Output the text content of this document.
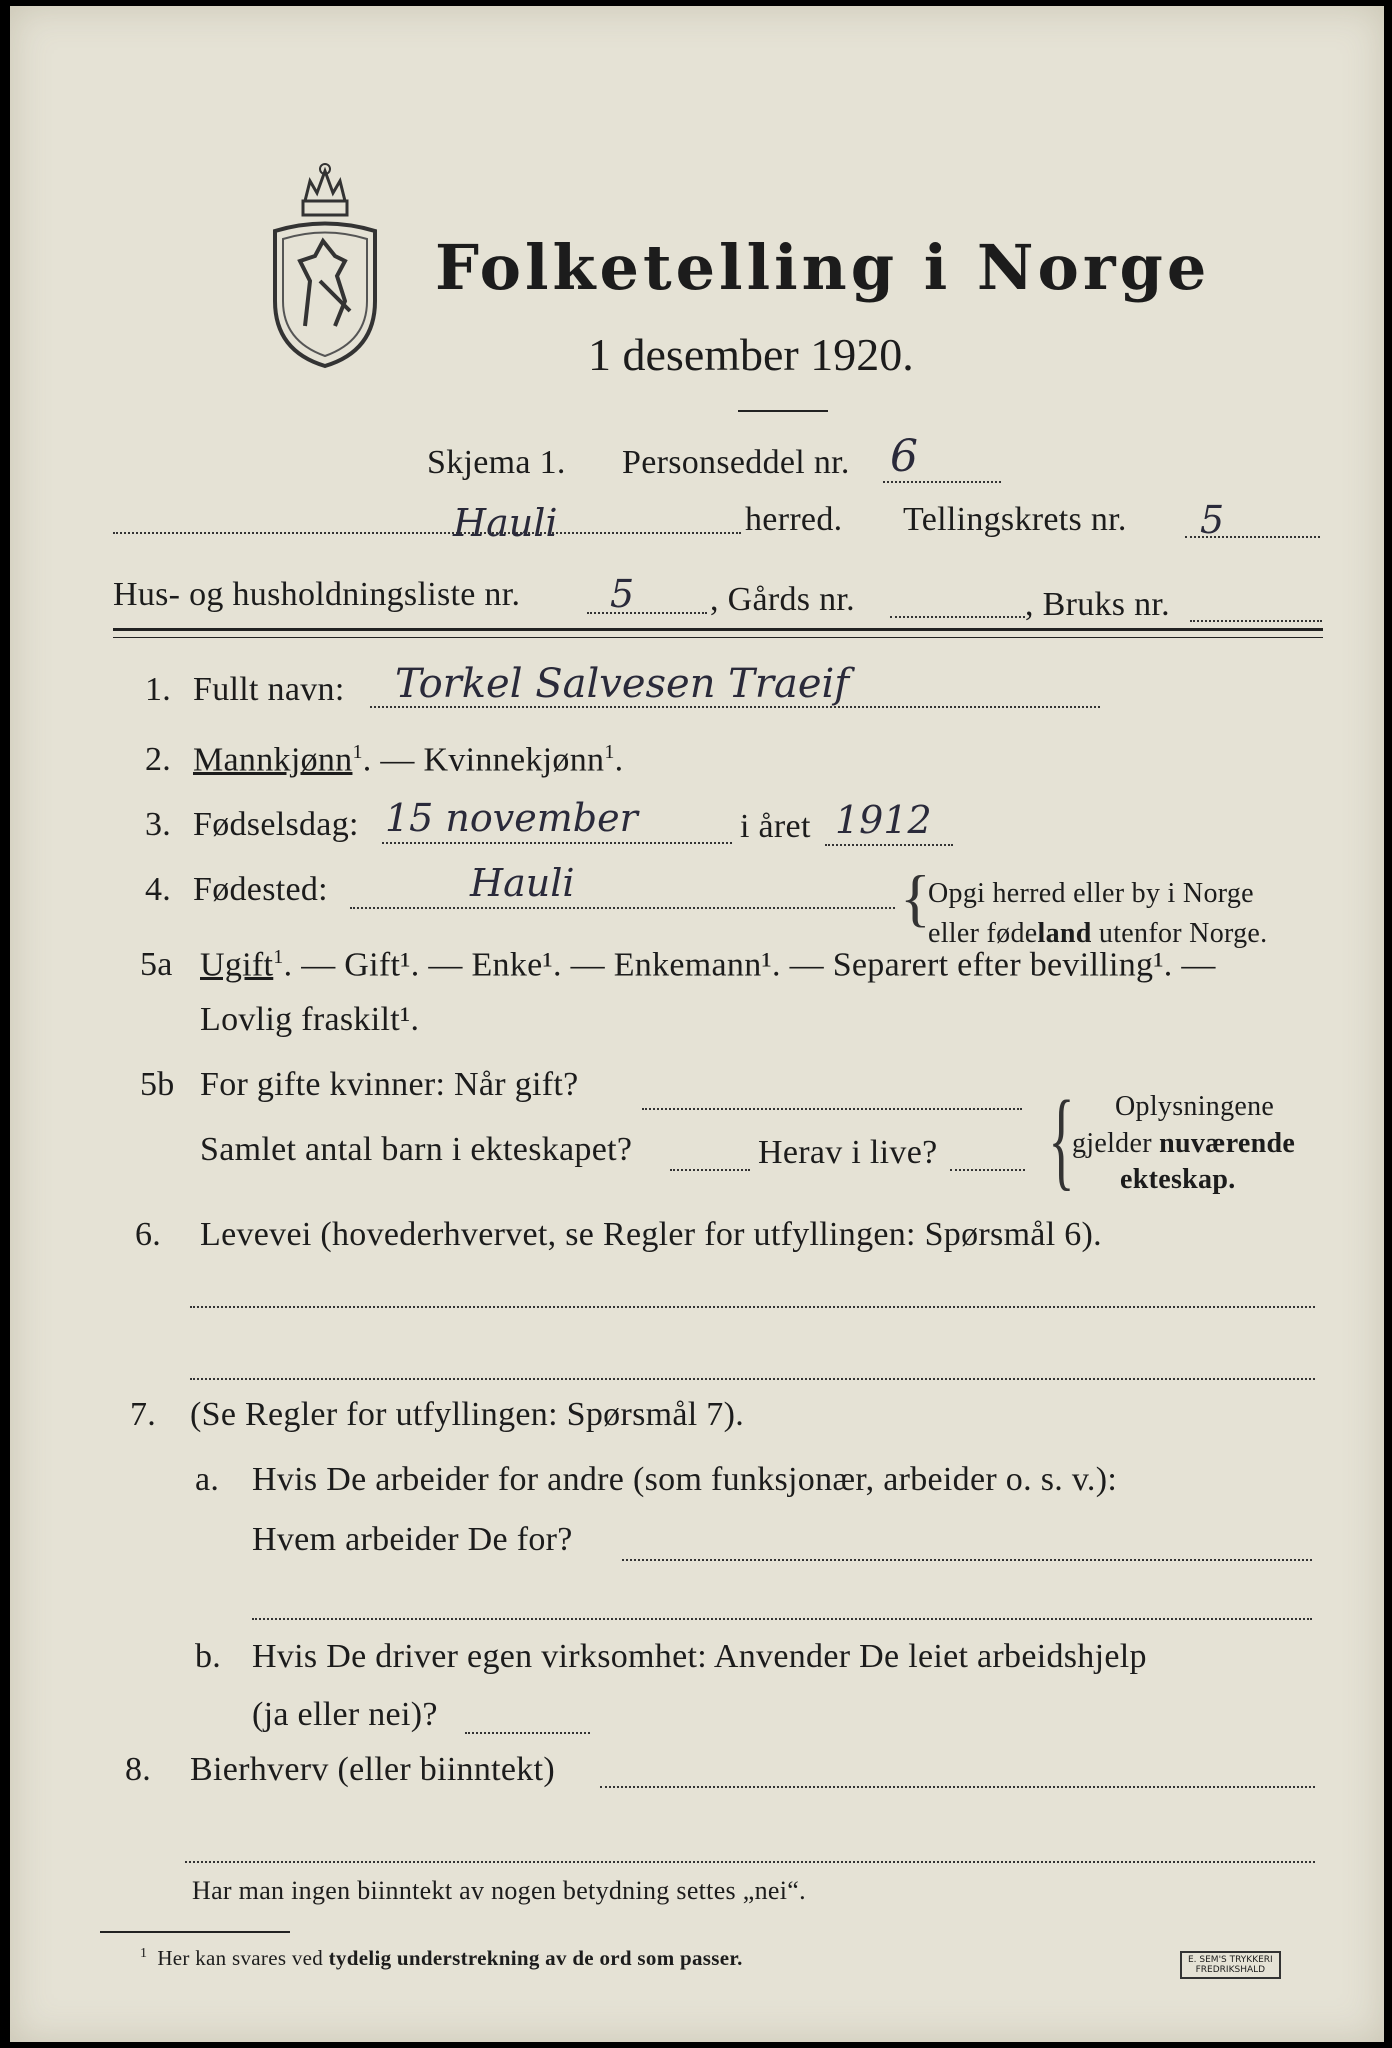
Folketelling i Norge
1 desember 1920.
Skjema 1. Personseddel nr. 6
Hauli	herred. Tellingskrets nr. 5
Hus- og husholdningsliste nr. 5 , Gårds nr.	, Bruks nr.
1. Fullt navn: Torkel Salvesen Traeif
2. Mannkjønn$^1$. — Kvinnekjønn$^1$.
3. Fødselsdag: 15 november	i året 1912
4. Fødested:	Hauli	{
Opgi herred eller by i Norge
eller fødeland utenfor Norge.
5a Ugift$^1$. — Gift¹. — Enke¹. — Enkemann¹. — Separert efter bevilling¹. —
Lovlig fraskilt¹.
5b For gifte kvinner: Når gift?
Samlet antal barn i ekteskapet?	Herav i live? { Oplysningene
gjelder nuværende
ekteskap.
6. Levevei (hovederhvervet, se Regler for utfyllingen: Spørsmål 6).
7. (Se Regler for utfyllingen: Spørsmål 7).
a. Hvis De arbeider for andre (som funksjonær, arbeider o. s. v.):
Hvem arbeider De for?
b. Hvis De driver egen virksomhet: Anvender De leiet arbeidshjelp
(ja eller nei)?
8. Bierhverv (eller biinntekt)
Har man ingen biinntekt av nogen betydning settes „nei“.
$^1$ Her kan svares ved tydelig understrekning av de ord som passer.	E. SEM'S TRYKKERI
FREDRIKSHALD
